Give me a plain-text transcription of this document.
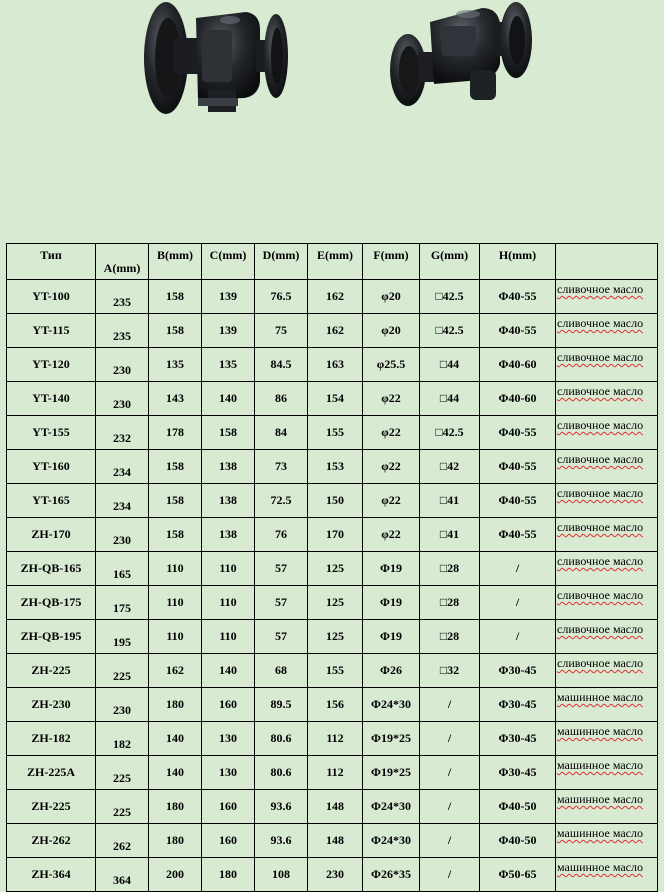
Тип	A(mm)	B(mm)	C(mm)	D(mm)	E(mm)	F(mm)	G(mm)	H(mm)	
YT-100	235	158	139	76.5	162	φ20	□42.5	Φ40-55	сливочное масло
YT-115	235	158	139	75	162	φ20	□42.5	Φ40-55	сливочное масло
YT-120	230	135	135	84.5	163	φ25.5	□44	Φ40-60	сливочное масло
YT-140	230	143	140	86	154	φ22	□44	Φ40-60	сливочное масло
YT-155	232	178	158	84	155	φ22	□42.5	Φ40-55	сливочное масло
YT-160	234	158	138	73	153	φ22	□42	Φ40-55	сливочное масло
YT-165	234	158	138	72.5	150	φ22	□41	Φ40-55	сливочное масло
ZH-170	230	158	138	76	170	φ22	□41	Φ40-55	сливочное масло
ZH-QB-165	165	110	110	57	125	Φ19	□28	/	сливочное масло
ZH-QB-175	175	110	110	57	125	Φ19	□28	/	сливочное масло
ZH-QB-195	195	110	110	57	125	Φ19	□28	/	сливочное масло
ZH-225	225	162	140	68	155	Φ26	□32	Φ30-45	сливочное масло
ZH-230	230	180	160	89.5	156	Φ24*30	/	Φ30-45	машинное масло
ZH-182	182	140	130	80.6	112	Φ19*25	/	Φ30-45	машинное масло
ZH-225A	225	140	130	80.6	112	Φ19*25	/	Φ30-45	машинное масло
ZH-225	225	180	160	93.6	148	Φ24*30	/	Φ40-50	машинное масло
ZH-262	262	180	160	93.6	148	Φ24*30	/	Φ40-50	машинное масло
ZH-364	364	200	180	108	230	Φ26*35	/	Φ50-65	машинное масло
